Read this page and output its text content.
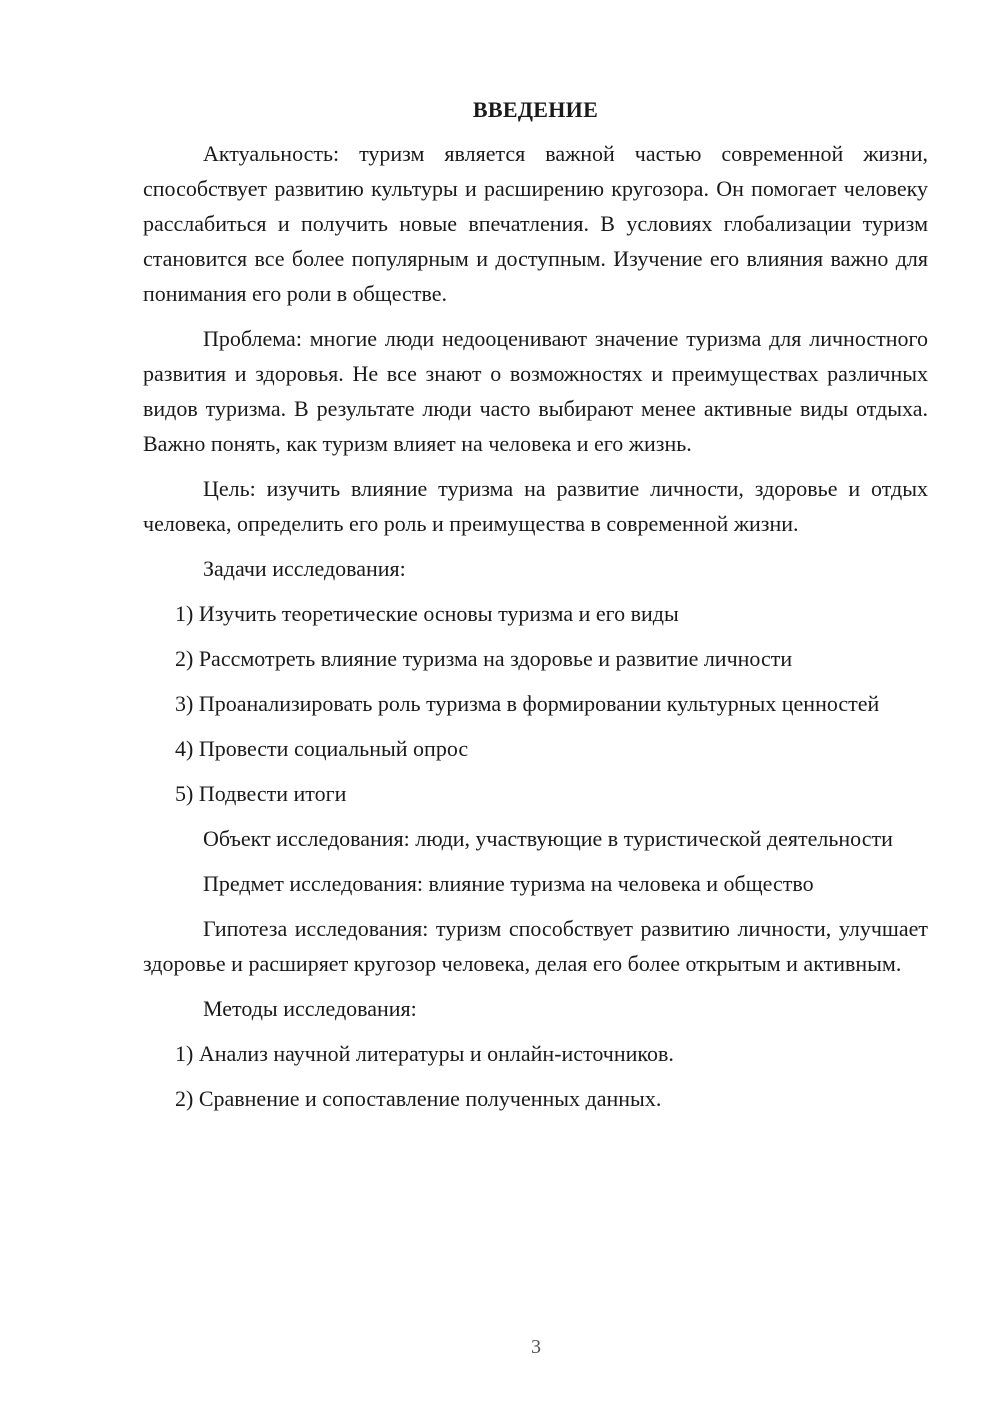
ВВЕДЕНИЕ

Актуальность: туризм является важной частью современной жизни, способствует развитию культуры и расширению кругозора. Он помогает человеку расслабиться и получить новые впечатления. В условиях глобализации туризм становится все более популярным и доступным. Изучение его влияния важно для понимания его роли в обществе.

Проблема: многие люди недооценивают значение туризма для личностного развития и здоровья. Не все знают о возможностях и преимуществах различных видов туризма. В результате люди часто выбирают менее активные виды отдыха. Важно понять, как туризм влияет на человека и его жизнь.

Цель: изучить влияние туризма на развитие личности, здоровье и отдых человека, определить его роль и преимущества в современной жизни.

Задачи исследования:

1) Изучить теоретические основы туризма и его виды

2) Рассмотреть влияние туризма на здоровье и развитие личности

3) Проанализировать роль туризма в формировании культурных ценностей

4) Провести социальный опрос

5) Подвести итоги

Объект исследования: люди, участвующие в туристической деятельности

Предмет исследования: влияние туризма на человека и общество

Гипотеза исследования: туризм способствует развитию личности, улучшает здоровье и расширяет кругозор человека, делая его более открытым и активным.

Методы исследования:

1) Анализ научной литературы и онлайн-источников.

2) Сравнение и сопоставление полученных данных.

3
